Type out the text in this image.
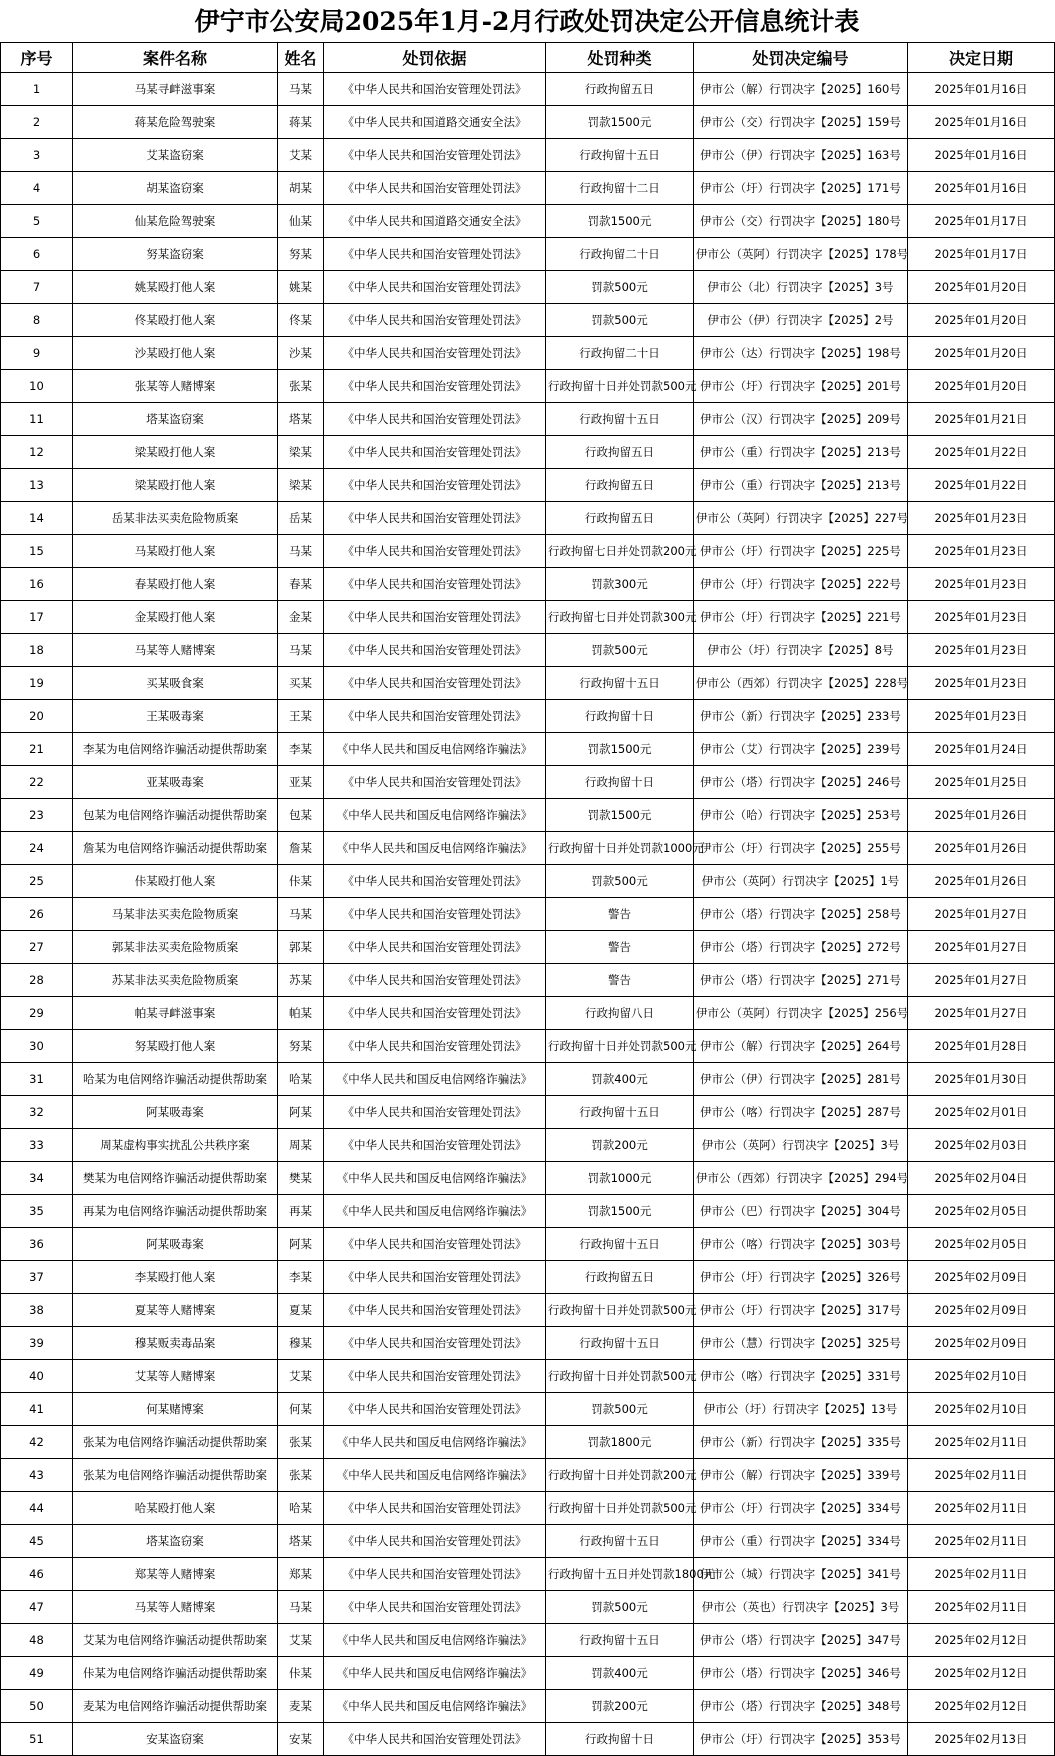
伊宁市公安局2025年1月-2月行政处罚决定公开信息统计表
序号	案件名称	姓名	处罚依据	处罚种类	处罚决定编号	决定日期
1	马某寻衅滋事案	马某	《中华人民共和国治安管理处罚法》	行政拘留五日	伊市公（解）行罚决字【2025】160号	2025年01月16日
2	蒋某危险驾驶案	蒋某	《中华人民共和国道路交通安全法》	罚款1500元	伊市公（交）行罚决字【2025】159号	2025年01月16日
3	艾某盗窃案	艾某	《中华人民共和国治安管理处罚法》	行政拘留十五日	伊市公（伊）行罚决字【2025】163号	2025年01月16日
4	胡某盗窃案	胡某	《中华人民共和国治安管理处罚法》	行政拘留十二日	伊市公（圩）行罚决字【2025】171号	2025年01月16日
5	仙某危险驾驶案	仙某	《中华人民共和国道路交通安全法》	罚款1500元	伊市公（交）行罚决字【2025】180号	2025年01月17日
6	努某盗窃案	努某	《中华人民共和国治安管理处罚法》	行政拘留二十日	伊市公（英阿）行罚决字【2025】178号	2025年01月17日
7	姚某殴打他人案	姚某	《中华人民共和国治安管理处罚法》	罚款500元	伊市公（北）行罚决字【2025】3号	2025年01月20日
8	佟某殴打他人案	佟某	《中华人民共和国治安管理处罚法》	罚款500元	伊市公（伊）行罚决字【2025】2号	2025年01月20日
9	沙某殴打他人案	沙某	《中华人民共和国治安管理处罚法》	行政拘留二十日	伊市公（达）行罚决字【2025】198号	2025年01月20日
10	张某等人赌博案	张某	《中华人民共和国治安管理处罚法》	行政拘留十日并处罚款500元	伊市公（圩）行罚决字【2025】201号	2025年01月20日
11	塔某盗窃案	塔某	《中华人民共和国治安管理处罚法》	行政拘留十五日	伊市公（汉）行罚决字【2025】209号	2025年01月21日
12	梁某殴打他人案	梁某	《中华人民共和国治安管理处罚法》	行政拘留五日	伊市公（重）行罚决字【2025】213号	2025年01月22日
13	梁某殴打他人案	梁某	《中华人民共和国治安管理处罚法》	行政拘留五日	伊市公（重）行罚决字【2025】213号	2025年01月22日
14	岳某非法买卖危险物质案	岳某	《中华人民共和国治安管理处罚法》	行政拘留五日	伊市公（英阿）行罚决字【2025】227号	2025年01月23日
15	马某殴打他人案	马某	《中华人民共和国治安管理处罚法》	行政拘留七日并处罚款200元	伊市公（圩）行罚决字【2025】225号	2025年01月23日
16	春某殴打他人案	春某	《中华人民共和国治安管理处罚法》	罚款300元	伊市公（圩）行罚决字【2025】222号	2025年01月23日
17	金某殴打他人案	金某	《中华人民共和国治安管理处罚法》	行政拘留七日并处罚款300元	伊市公（圩）行罚决字【2025】221号	2025年01月23日
18	马某等人赌博案	马某	《中华人民共和国治安管理处罚法》	罚款500元	伊市公（圩）行罚决字【2025】8号	2025年01月23日
19	买某吸食案	买某	《中华人民共和国治安管理处罚法》	行政拘留十五日	伊市公（西郊）行罚决字【2025】228号	2025年01月23日
20	王某吸毒案	王某	《中华人民共和国治安管理处罚法》	行政拘留十日	伊市公（新）行罚决字【2025】233号	2025年01月23日
21	李某为电信网络诈骗活动提供帮助案	李某	《中华人民共和国反电信网络诈骗法》	罚款1500元	伊市公（艾）行罚决字【2025】239号	2025年01月24日
22	亚某吸毒案	亚某	《中华人民共和国治安管理处罚法》	行政拘留十日	伊市公（塔）行罚决字【2025】246号	2025年01月25日
23	包某为电信网络诈骗活动提供帮助案	包某	《中华人民共和国反电信网络诈骗法》	罚款1500元	伊市公（哈）行罚决字【2025】253号	2025年01月26日
24	詹某为电信网络诈骗活动提供帮助案	詹某	《中华人民共和国反电信网络诈骗法》	行政拘留十日并处罚款1000元	伊市公（圩）行罚决字【2025】255号	2025年01月26日
25	佧某殴打他人案	佧某	《中华人民共和国治安管理处罚法》	罚款500元	伊市公（英阿）行罚决字【2025】1号	2025年01月26日
26	马某非法买卖危险物质案	马某	《中华人民共和国治安管理处罚法》	警告	伊市公（塔）行罚决字【2025】258号	2025年01月27日
27	郭某非法买卖危险物质案	郭某	《中华人民共和国治安管理处罚法》	警告	伊市公（塔）行罚决字【2025】272号	2025年01月27日
28	苏某非法买卖危险物质案	苏某	《中华人民共和国治安管理处罚法》	警告	伊市公（塔）行罚决字【2025】271号	2025年01月27日
29	帕某寻衅滋事案	帕某	《中华人民共和国治安管理处罚法》	行政拘留八日	伊市公（英阿）行罚决字【2025】256号	2025年01月27日
30	努某殴打他人案	努某	《中华人民共和国治安管理处罚法》	行政拘留十日并处罚款500元	伊市公（解）行罚决字【2025】264号	2025年01月28日
31	哈某为电信网络诈骗活动提供帮助案	哈某	《中华人民共和国反电信网络诈骗法》	罚款400元	伊市公（伊）行罚决字【2025】281号	2025年01月30日
32	阿某吸毒案	阿某	《中华人民共和国治安管理处罚法》	行政拘留十五日	伊市公（喀）行罚决字【2025】287号	2025年02月01日
33	周某虚构事实扰乱公共秩序案	周某	《中华人民共和国治安管理处罚法》	罚款200元	伊市公（英阿）行罚决字【2025】3号	2025年02月03日
34	樊某为电信网络诈骗活动提供帮助案	樊某	《中华人民共和国反电信网络诈骗法》	罚款1000元	伊市公（西郊）行罚决字【2025】294号	2025年02月04日
35	再某为电信网络诈骗活动提供帮助案	再某	《中华人民共和国反电信网络诈骗法》	罚款1500元	伊市公（巴）行罚决字【2025】304号	2025年02月05日
36	阿某吸毒案	阿某	《中华人民共和国治安管理处罚法》	行政拘留十五日	伊市公（喀）行罚决字【2025】303号	2025年02月05日
37	李某殴打他人案	李某	《中华人民共和国治安管理处罚法》	行政拘留五日	伊市公（圩）行罚决字【2025】326号	2025年02月09日
38	夏某等人赌博案	夏某	《中华人民共和国治安管理处罚法》	行政拘留十日并处罚款500元	伊市公（圩）行罚决字【2025】317号	2025年02月09日
39	穆某贩卖毒品案	穆某	《中华人民共和国治安管理处罚法》	行政拘留十五日	伊市公（慧）行罚决字【2025】325号	2025年02月09日
40	艾某等人赌博案	艾某	《中华人民共和国治安管理处罚法》	行政拘留十日并处罚款500元	伊市公（喀）行罚决字【2025】331号	2025年02月10日
41	何某赌博案	何某	《中华人民共和国治安管理处罚法》	罚款500元	伊市公（圩）行罚决字【2025】13号	2025年02月10日
42	张某为电信网络诈骗活动提供帮助案	张某	《中华人民共和国反电信网络诈骗法》	罚款1800元	伊市公（新）行罚决字【2025】335号	2025年02月11日
43	张某为电信网络诈骗活动提供帮助案	张某	《中华人民共和国反电信网络诈骗法》	行政拘留十日并处罚款200元	伊市公（解）行罚决字【2025】339号	2025年02月11日
44	哈某殴打他人案	哈某	《中华人民共和国治安管理处罚法》	行政拘留十日并处罚款500元	伊市公（圩）行罚决字【2025】334号	2025年02月11日
45	塔某盗窃案	塔某	《中华人民共和国治安管理处罚法》	行政拘留十五日	伊市公（重）行罚决字【2025】334号	2025年02月11日
46	郑某等人赌博案	郑某	《中华人民共和国治安管理处罚法》	行政拘留十五日并处罚款1800元	伊市公（城）行罚决字【2025】341号	2025年02月11日
47	马某等人赌博案	马某	《中华人民共和国治安管理处罚法》	罚款500元	伊市公（英也）行罚决字【2025】3号	2025年02月11日
48	艾某为电信网络诈骗活动提供帮助案	艾某	《中华人民共和国反电信网络诈骗法》	行政拘留十五日	伊市公（塔）行罚决字【2025】347号	2025年02月12日
49	佧某为电信网络诈骗活动提供帮助案	佧某	《中华人民共和国反电信网络诈骗法》	罚款400元	伊市公（塔）行罚决字【2025】346号	2025年02月12日
50	麦某为电信网络诈骗活动提供帮助案	麦某	《中华人民共和国反电信网络诈骗法》	罚款200元	伊市公（塔）行罚决字【2025】348号	2025年02月12日
51	安某盗窃案	安某	《中华人民共和国治安管理处罚法》	行政拘留十日	伊市公（圩）行罚决字【2025】353号	2025年02月13日
